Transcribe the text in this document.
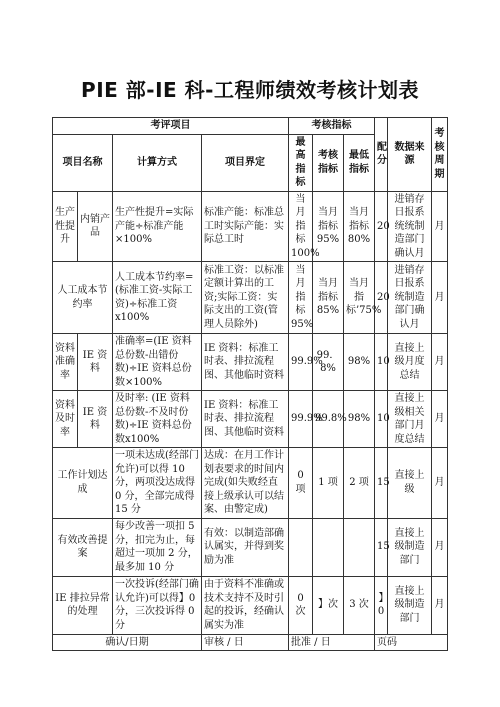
PIE 部-IE 科-工程师绩效考核计划表
考评项目				考核指标			配分	数据来源	考核周期
项目名称		计算方式	项目界定	最高指标	考核指标	最低指标			
生产性提升	内销产品	生产性提升=实际产能÷标准产能×100%	标准产能：标准总工时实际产能：实际总工时	当月指标100%	当月指标95%	当月指标80%	20	进销存日报系统统制造部门确认月	月
人工成本节约率		人工成本节约率=(标准工资-实际工资)÷标准工资x100%	标准工资：以标准定额计算出的工资;实际工资：实际支出的工资(管理人员除外)	当月指标95%	当月指标85%	当月指标’75%	20	进销存日报系统制造部门确认月	月
资料准确率	IE 资料	准确率=(IE 资料总份数-出错份数)÷IE 资料总份数×100%	IE 资料：标准工时表、排拉流程图、其他临时资料	99.9%	99．8%	98%	10	直接上级月度总结	月
资料及时率	IE 资料	及时率: (IE 资料总份数-不及时份数)÷IE 资料总份数x100%	IE 资料：标准工时表、排拉流程图、其他临时资料	99.9%	99.8%	98%	10	直接上级相关部门月度总结	月
工作计划达成		一项未达成(经部门允许)可以得 10 分，两项没达成得 0 分，全部完成得 15 分	达成：在月工作计划表要求的时间内完成(如失败经直接上级承认可以结案、由警定成)	0 项	1 项	2 项	15	直接上级	月
有效改善提案		每少改善一项扣 5分，扣完为止，每超过一项加 2 分，最多加 10 分	有效：以制造部确认属实，并得到奖励为准				15	直接上级制造部门	月
IE 排拉异常的处理		一次投诉(经部门确认允许)可以得】0 分，三次投诉得 0分	由于资料不准确或技术支持不及时引起的投诉，经确认属实为准	0 次	】次	3 次	】0	直接上级制造部门	月
确认/日期			审核 / 日	批准 / 日			页码		
